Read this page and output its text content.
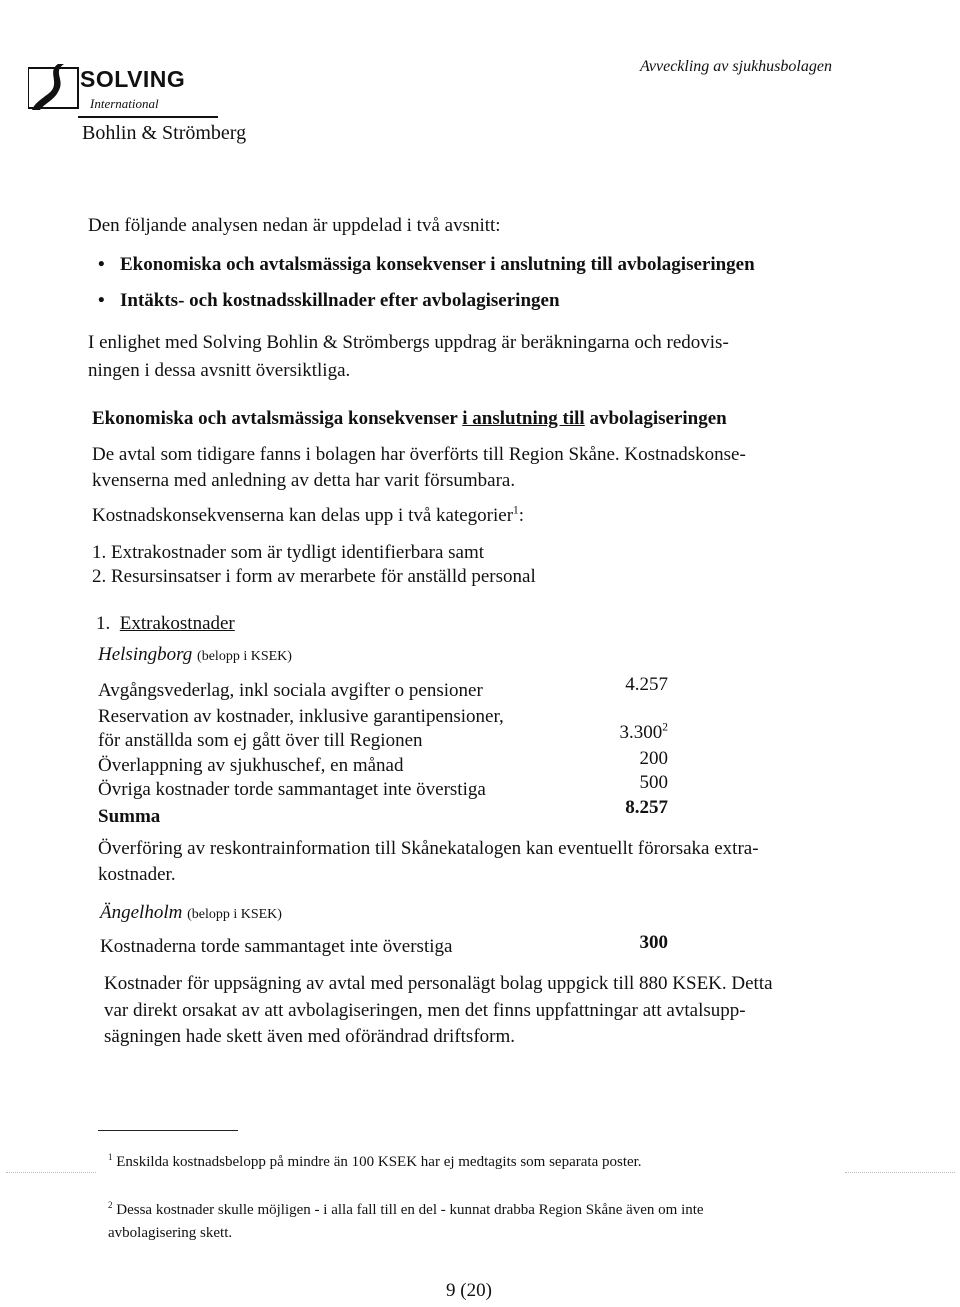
SOLVING
International
Bohlin & Strömberg
Avveckling av sjukhusbolagen
Den följande analysen nedan är uppdelad i två avsnitt:
• Ekonomiska och avtalsmässiga konsekvenser i anslutning till avbolagiseringen
• Intäkts- och kostnadsskillnader efter avbolagiseringen
I enlighet med Solving Bohlin & Strömbergs uppdrag är beräkningarna och redovis-
ningen i dessa avsnitt översiktliga.
Ekonomiska och avtalsmässiga konsekvenser i anslutning till avbolagiseringen
De avtal som tidigare fanns i bolagen har överförts till Region Skåne. Kostnadskonse-
kvenserna med anledning av detta har varit försumbara.
Kostnadskonsekvenserna kan delas upp i två kategorier$^1$:
1. Extrakostnader som är tydligt identifierbara samt
2. Resursinsatser i form av merarbete för anställd personal
1. Extrakostnader
Helsingborg (belopp i KSEK)
Avgångsvederlag, inkl sociala avgifter o pensioner	4.257
Reservation av kostnader, inklusive garantipensioner,
för anställda som ej gått över till Regionen	3.300$^2$
Överlappning av sjukhuschef, en månad	200
Övriga kostnader torde sammantaget inte överstiga	500
Summa	8.257
Överföring av reskontrainformation till Skånekatalogen kan eventuellt förorsaka extra-
kostnader.
Ängelholm (belopp i KSEK)
Kostnaderna torde sammantaget inte överstiga	300
Kostnader för uppsägning av avtal med personalägt bolag uppgick till 880 KSEK. Detta
var direkt orsakat av att avbolagiseringen, men det finns uppfattningar att avtalsupp-
sägningen hade skett även med oförändrad driftsform.
$^1$ Enskilda kostnadsbelopp på mindre än 100 KSEK har ej medtagits som separata poster.
$^2$ Dessa kostnader skulle möjligen - i alla fall till en del - kunnat drabba Region Skåne även om inte
avbolagisering skett.
9 (20)
